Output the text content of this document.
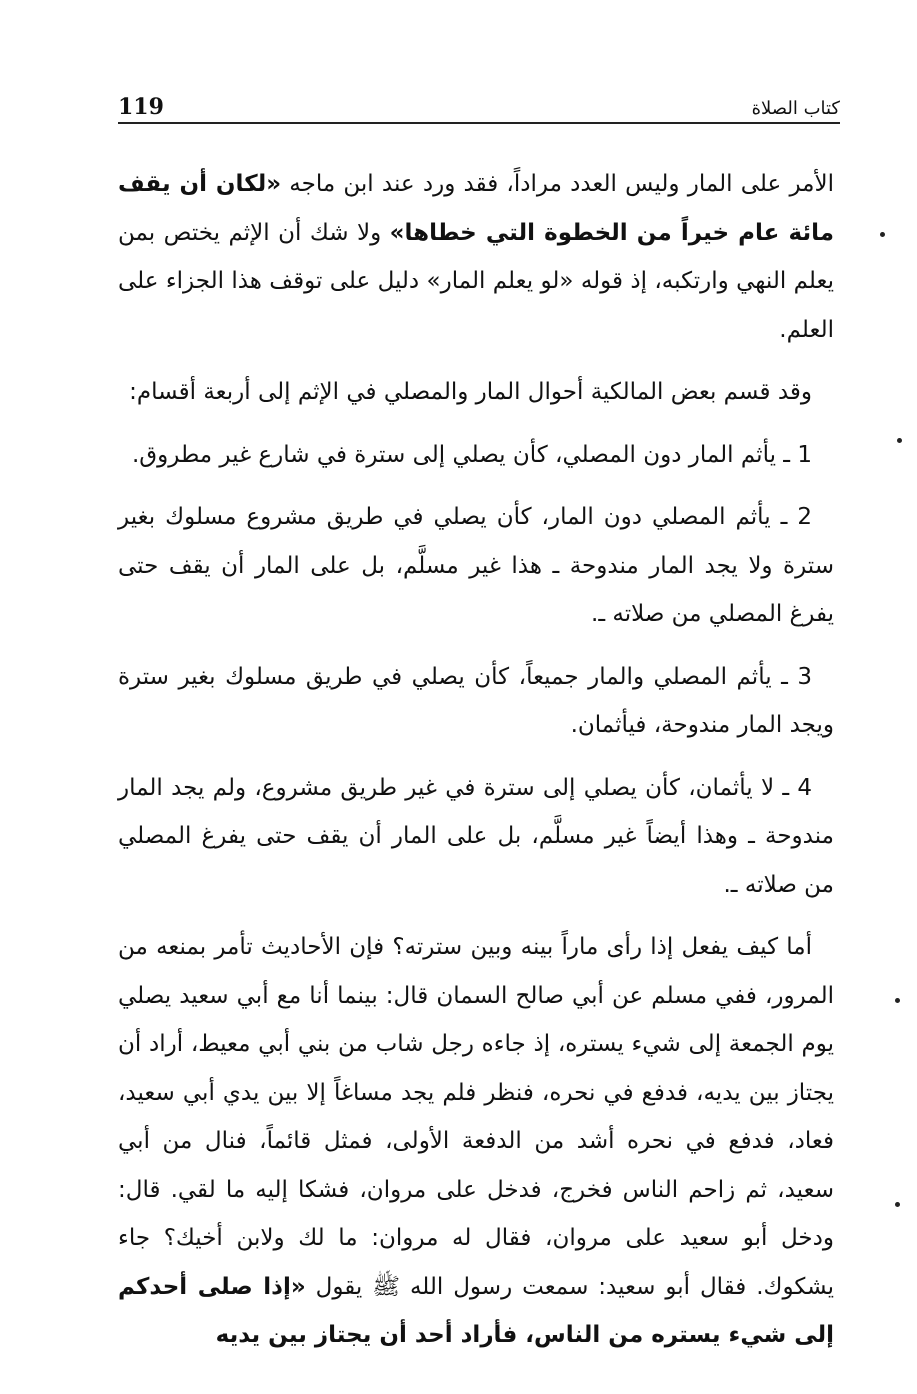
119	كتاب الصلاة

الأمر على المار وليس العدد مراداً، فقد ورد عند ابن ماجه «لكان أن يقف مائة عام خيراً من الخطوة التي خطاها» ولا شك أن الإثم يختص بمن يعلم النهي وارتكبه، إذ قوله «لو يعلم المار» دليل على توقف هذا الجزاء على العلم.

وقد قسم بعض المالكية أحوال المار والمصلي في الإثم إلى أربعة أقسام:

1 ـ يأثم المار دون المصلي، كأن يصلي إلى سترة في شارع غير مطروق.

2 ـ يأثم المصلي دون المار، كأن يصلي في طريق مشروع مسلوك بغير سترة ولا يجد المار مندوحة ـ هذا غير مسلَّم، بل على المار أن يقف حتى يفرغ المصلي من صلاته ـ.

3 ـ يأثم المصلي والمار جميعاً، كأن يصلي في طريق مسلوك بغير سترة ويجد المار مندوحة، فيأثمان.

4 ـ لا يأثمان، كأن يصلي إلى سترة في غير طريق مشروع، ولم يجد المار مندوحة ـ وهذا أيضاً غير مسلَّم، بل على المار أن يقف حتى يفرغ المصلي من صلاته ـ.

أما كيف يفعل إذا رأى ماراً بينه وبين سترته؟ فإن الأحاديث تأمر بمنعه من المرور، ففي مسلم عن أبي صالح السمان قال: بينما أنا مع أبي سعيد يصلي يوم الجمعة إلى شيء يستره، إذ جاءه رجل شاب من بني أبي معيط، أراد أن يجتاز بين يديه، فدفع في نحره، فنظر فلم يجد مساغاً إلا بين يدي أبي سعيد، فعاد، فدفع في نحره أشد من الدفعة الأولى، فمثل قائماً، فنال من أبي سعيد، ثم زاحم الناس فخرج، فدخل على مروان، فشكا إليه ما لقي. قال: ودخل أبو سعيد على مروان، فقال له مروان: ما لك ولابن أخيك؟ جاء يشكوك. فقال أبو سعيد: سمعت رسول الله ﷺ يقول «إذا صلى أحدكم إلى شيء يستره من الناس، فأراد أحد أن يجتاز بين يديه
